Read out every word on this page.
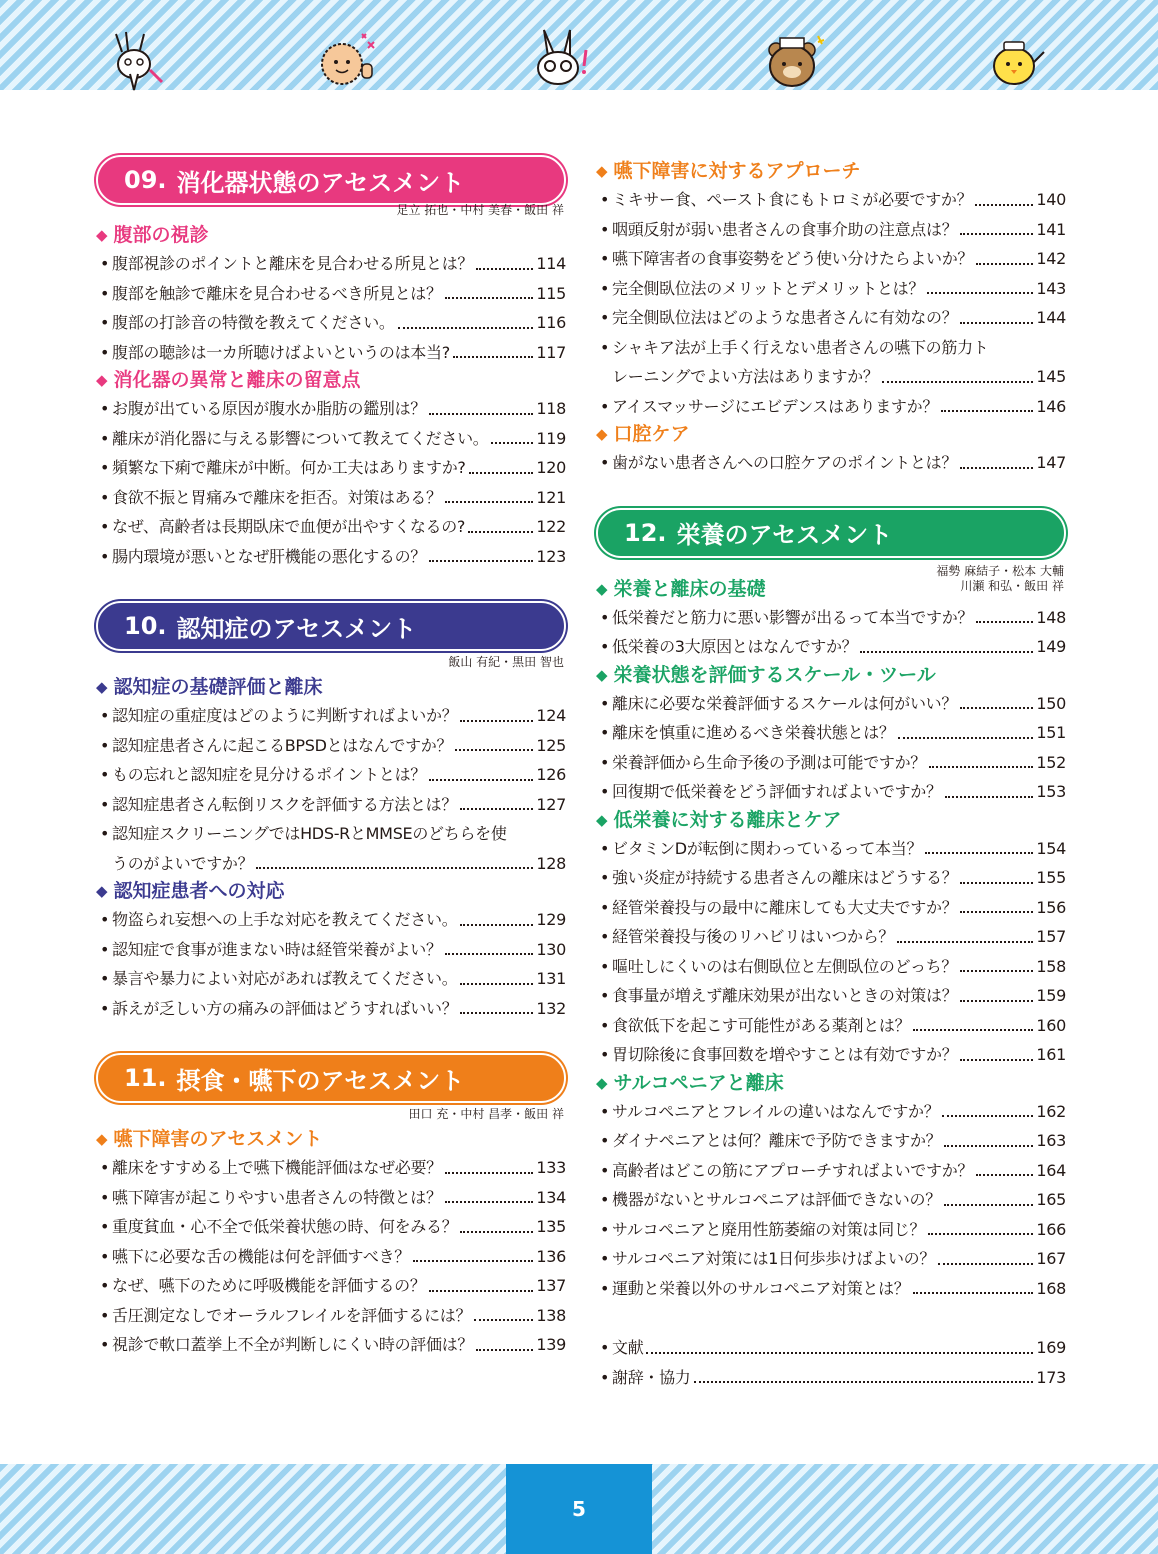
09. 消化器状態のアセスメント
足立 拓也・中村 美春・飯田 祥
◆ 腹部の視診
• 腹部視診のポイントと離床を見合わせる所見とは？	114
• 腹部を触診で離床を見合わせるべき所見とは？	115
• 腹部の打診音の特徴を教えてください。	116
• 腹部の聴診は一カ所聴けばよいというのは本当?	117
◆ 消化器の異常と離床の留意点
• お腹が出ている原因が腹水か脂肪の鑑別は？	118
• 離床が消化器に与える影響について教えてください。	119
• 頻繁な下痢で離床が中断。何か工夫はありますか?	120
• 食欲不振と胃痛みで離床を拒否。対策はある？	121
• なぜ、高齢者は長期臥床で血便が出やすくなるの?	122
• 腸内環境が悪いとなぜ肝機能の悪化するの？	123
10. 認知症のアセスメント
飯山 有紀・黒田 智也
◆ 認知症の基礎評価と離床
• 認知症の重症度はどのように判断すればよいか？	124
• 認知症患者さんに起こるBPSDとはなんですか？	125
• もの忘れと認知症を見分けるポイントとは？	126
• 認知症患者さん転倒リスクを評価する方法とは？	127
• 認知症スクリーニングではHDS-RとMMSEのどちらを使
うのがよいですか？	128
◆ 認知症患者への対応
• 物盗られ妄想への上手な対応を教えてください。	129
• 認知症で食事が進まない時は経管栄養がよい？	130
• 暴言や暴力によい対応があれば教えてください。	131
• 訴えが乏しい方の痛みの評価はどうすればいい？	132
11. 摂食・嚥下のアセスメント
田口 充・中村 昌孝・飯田 祥
◆ 嚥下障害のアセスメント
• 離床をすすめる上で嚥下機能評価はなぜ必要？	133
• 嚥下障害が起こりやすい患者さんの特徴とは？	134
• 重度貧血・心不全で低栄養状態の時、何をみる？	135
• 嚥下に必要な舌の機能は何を評価すべき？	136
• なぜ、嚥下のために呼吸機能を評価するの？	137
• 舌圧測定なしでオーラルフレイルを評価するには？	138
• 視診で軟口蓋挙上不全が判断しにくい時の評価は？	139
◆ 嚥下障害に対するアプローチ
• ミキサー食、ペースト食にもトロミが必要ですか？	140
• 咽頭反射が弱い患者さんの食事介助の注意点は？	141
• 嚥下障害者の食事姿勢をどう使い分けたらよいか？	142
• 完全側臥位法のメリットとデメリットとは？	143
• 完全側臥位法はどのような患者さんに有効なの？	144
• シャキア法が上手く行えない患者さんの嚥下の筋力ト
レーニングでよい方法はありますか？	145
• アイスマッサージにエビデンスはありますか？	146
◆ 口腔ケア
• 歯がない患者さんへの口腔ケアのポイントとは？	147
12. 栄養のアセスメント
福勢 麻結子・松本 大輔
川瀬 和弘・飯田 祥
◆ 栄養と離床の基礎
• 低栄養だと筋力に悪い影響が出るって本当ですか？	148
• 低栄養の3大原因とはなんですか？	149
◆ 栄養状態を評価するスケール・ツール
• 離床に必要な栄養評価するスケールは何がいい？	150
• 離床を慎重に進めるべき栄養状態とは？	151
• 栄養評価から生命予後の予測は可能ですか？	152
• 回復期で低栄養をどう評価すればよいですか？	153
◆ 低栄養に対する離床とケア
• ビタミンDが転倒に関わっているって本当？	154
• 強い炎症が持続する患者さんの離床はどうする？	155
• 経管栄養投与の最中に離床しても大丈夫ですか？	156
• 経管栄養投与後のリハビリはいつから？	157
• 嘔吐しにくいのは右側臥位と左側臥位のどっち？	158
• 食事量が増えず離床効果が出ないときの対策は？	159
• 食欲低下を起こす可能性がある薬剤とは？	160
• 胃切除後に食事回数を増やすことは有効ですか？	161
◆ サルコペニアと離床
• サルコペニアとフレイルの違いはなんですか？	162
• ダイナペニアとは何？離床で予防できますか？	163
• 高齢者はどこの筋にアプローチすればよいですか？	164
• 機器がないとサルコペニアは評価できないの？	165
• サルコペニアと廃用性筋萎縮の対策は同じ？	166
• サルコペニア対策には1日何歩歩けばよいの？	167
• 運動と栄養以外のサルコペニア対策とは？	168
• 文献	169
• 謝辞・協力	173
5
